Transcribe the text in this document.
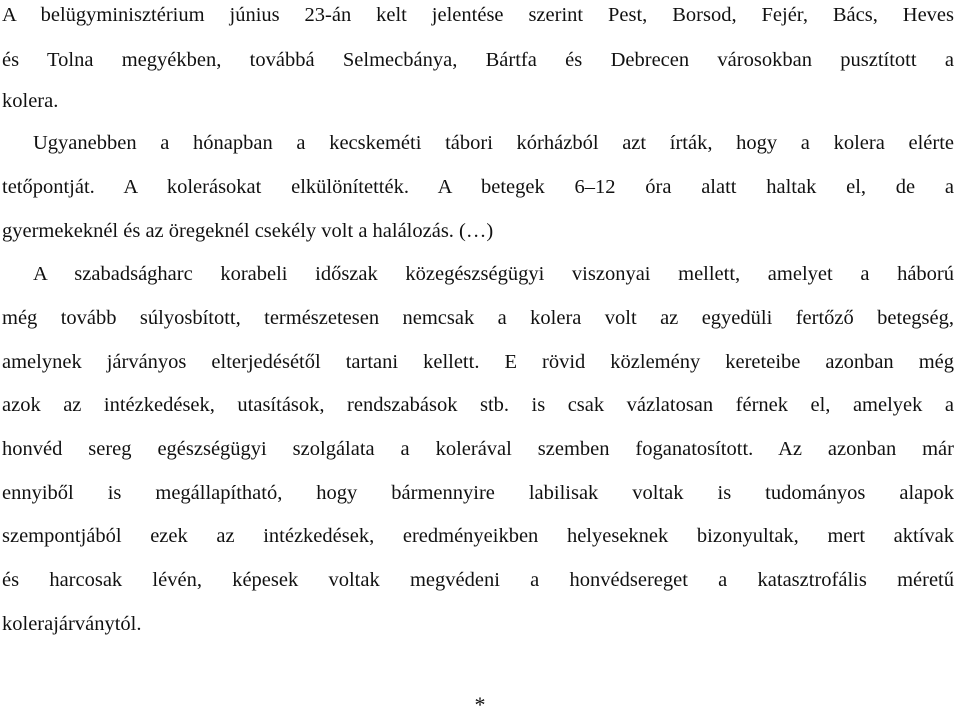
A belügyminisztérium június 23-án kelt jelentése szerint Pest, Borsod, Fejér, Bács, Heves
és Tolna megyékben, továbbá Selmecbánya, Bártfa és Debrecen városokban pusztított a
kolera.
Ugyanebben a hónapban a kecskeméti tábori kórházból azt írták, hogy a kolera elérte
tetőpontját. A kolerásokat elkülönítették. A betegek 6–12 óra alatt haltak el, de a
gyermekeknél és az öregeknél csekély volt a halálozás. (…)
A szabadságharc korabeli időszak közegészségügyi viszonyai mellett, amelyet a háború
még tovább súlyosbított, természetesen nemcsak a kolera volt az egyedüli fertőző betegség,
amelynek járványos elterjedésétől tartani kellett. E rövid közlemény kereteibe azonban még
azok az intézkedések, utasítások, rendszabások stb. is csak vázlatosan férnek el, amelyek a
honvéd sereg egészségügyi szolgálata a kolerával szemben foganatosított. Az azonban már
ennyiből is megállapítható, hogy bármennyire labilisak voltak is tudományos alapok
szempontjából ezek az intézkedések, eredményeikben helyeseknek bizonyultak, mert aktívak
és harcosak lévén, képesek voltak megvédeni a honvédsereget a katasztrofális méretű
kolerajárványtól.
*
